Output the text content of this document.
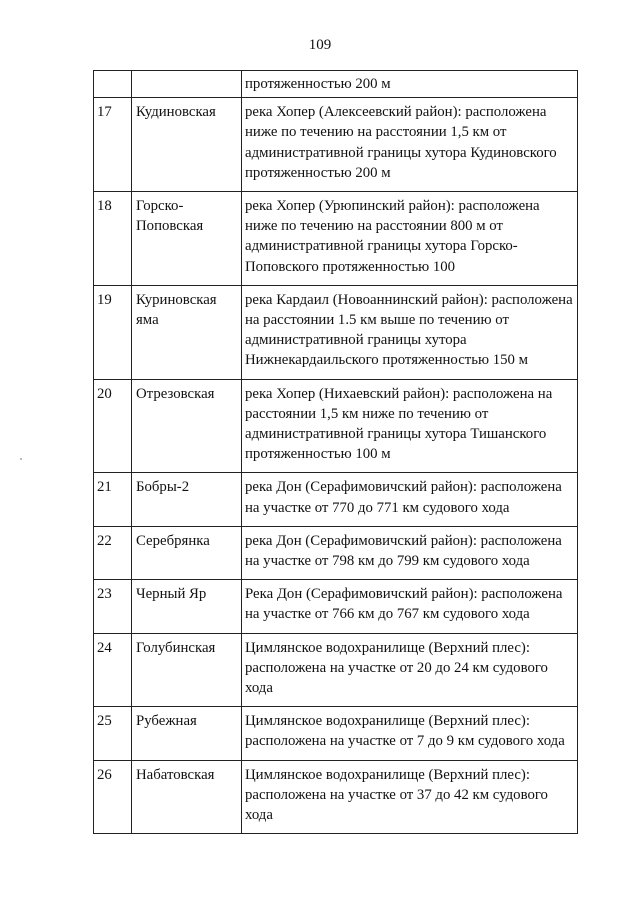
109
		протяженностью 200 м
17	Кудиновская	река Хопер (Алексеевский район): расположена ниже по течению на расстоянии 1,5 км от административной границы хутора Кудиновского протяженностью 200 м
18	Горско-Поповская	река Хопер (Урюпинский район): расположена ниже по течению на расстоянии 800 м от административной границы хутора Горско-Поповского протяженностью 100
19	Куриновская яма	река Кардаил (Новоаннинский район): расположена на расстоянии 1.5 км выше по течению от административной границы хутора Нижнекардаильского протяженностью 150 м
20	Отрезовская	река Хопер (Нихаевский район): расположена на расстоянии 1,5 км ниже по течению от административной границы хутора Тишанского протяженностью 100 м
21	Бобры-2	река Дон (Серафимовичский район): расположена на участке от 770 до 771 км судового хода
22	Серебрянка	река Дон (Серафимовичский район): расположена на участке от 798 км до 799 км судового хода
23	Черный Яр	Река Дон (Серафимовичский район): расположена на участке от 766 км до 767 км судового хода
24	Голубинская	Цимлянское водохранилище (Верхний плес): расположена на участке от 20 до 24 км судового хода
25	Рубежная	Цимлянское водохранилище (Верхний плес): расположена на участке от 7 до 9 км судового хода
26	Набатовская	Цимлянское водохранилище (Верхний плес): расположена на участке от 37 до 42 км судового хода
